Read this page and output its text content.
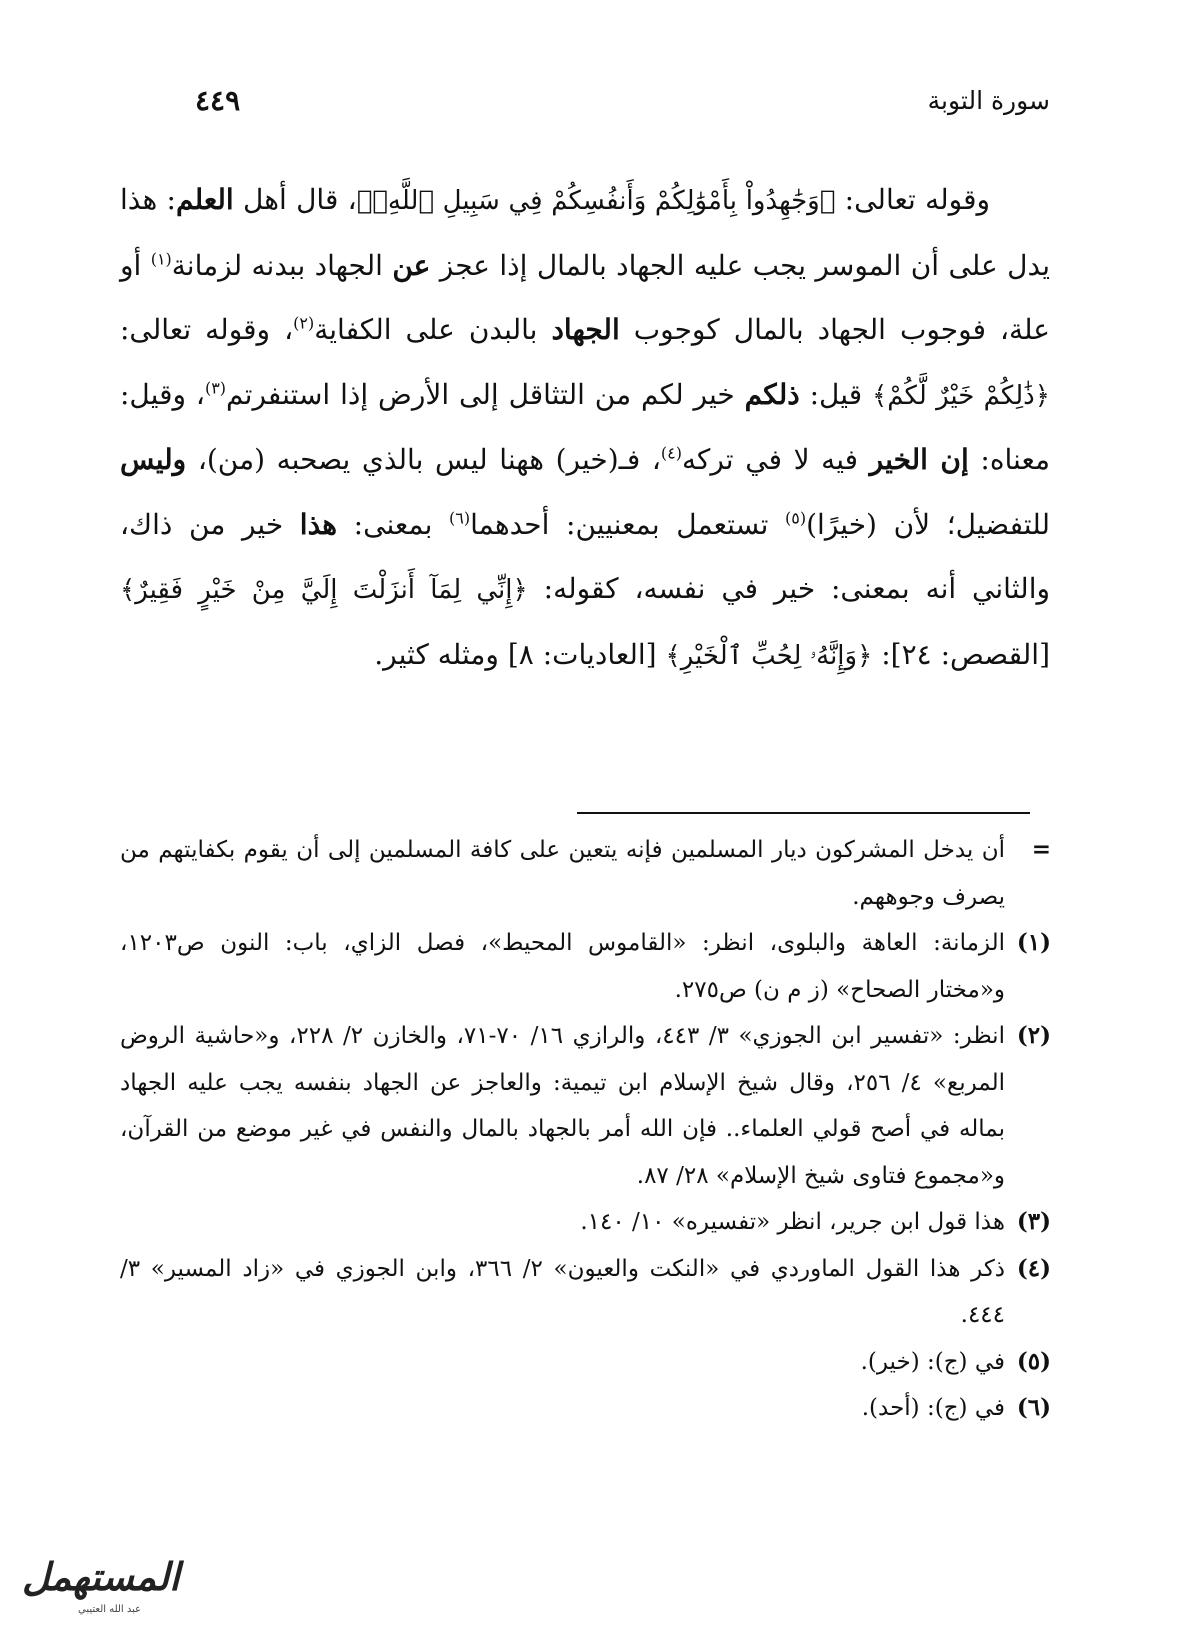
سورة التوبة
٤٤٩

وقوله تعالى: ﴿وَجَٰهِدُواْ بِأَمْوَٰلِكُمْ وَأَنفُسِكُمْ فِي سَبِيلِ ٱللَّهِۚ﴾، قال أهل العلم: هذا يدل على أن الموسر يجب عليه الجهاد بالمال إذا عجز عن الجهاد ببدنه لزمانة$^{(١)}$ أو علة، فوجوب الجهاد بالمال كوجوب الجهاد بالبدن على الكفاية$^{(٢)}$، وقوله تعالى: ﴿ذَٰلِكُمْ خَيْرٌ لَّكُمْ﴾ قيل: ذلكم خير لكم من التثاقل إلى الأرض إذا استنفرتم$^{(٣)}$، وقيل: معناه: إن الخير فيه لا في تركه$^{(٤)}$، فـ(خير) ههنا ليس بالذي يصحبه (من)، وليس للتفضيل؛ لأن (خيرًا)$^{(٥)}$ تستعمل بمعنيين: أحدهما$^{(٦)}$ بمعنى: هذا خير من ذاك، والثاني أنه بمعنى: خير في نفسه، كقوله: ﴿إِنِّي لِمَآ أَنزَلْتَ إِلَيَّ مِنْ خَيْرٍ فَقِيرٌ﴾ [القصص: ٢٤]: ﴿وَإِنَّهُۥ لِحُبِّ ٱلْخَيْرِ﴾ [العاديات: ٨] ومثله كثير.

=
أن يدخل المشركون ديار المسلمين فإنه يتعين على كافة المسلمين إلى أن يقوم بكفايتهم من يصرف وجوههم.
(١)
الزمانة: العاهة والبلوى، انظر: «القاموس المحيط»، فصل الزاي، باب: النون ص١٢٠٣، و«مختار الصحاح» (ز م ن) ص٢٧٥.
(٢)
انظر: «تفسير ابن الجوزي» ٣/ ٤٤٣، والرازي ١٦/ ٧٠-٧١، والخازن ٢/ ٢٢٨، و«حاشية الروض المربع» ٤/ ٢٥٦، وقال شيخ الإسلام ابن تيمية: والعاجز عن الجهاد بنفسه يجب عليه الجهاد بماله في أصح قولي العلماء.. فإن الله أمر بالجهاد بالمال والنفس في غير موضع من القرآن، و«مجموع فتاوى شيخ الإسلام» ٢٨/ ٨٧.
(٣)
هذا قول ابن جرير، انظر «تفسيره» ١٠/ ١٤٠.
(٤)
ذكر هذا القول الماوردي في «النكت والعيون» ٢/ ٣٦٦، وابن الجوزي في «زاد المسير» ٣/ ٤٤٤.
(٥)
في (ج): (خير).
(٦)
في (ج): (أحد).
المستهمل
عبد الله العتيبي
